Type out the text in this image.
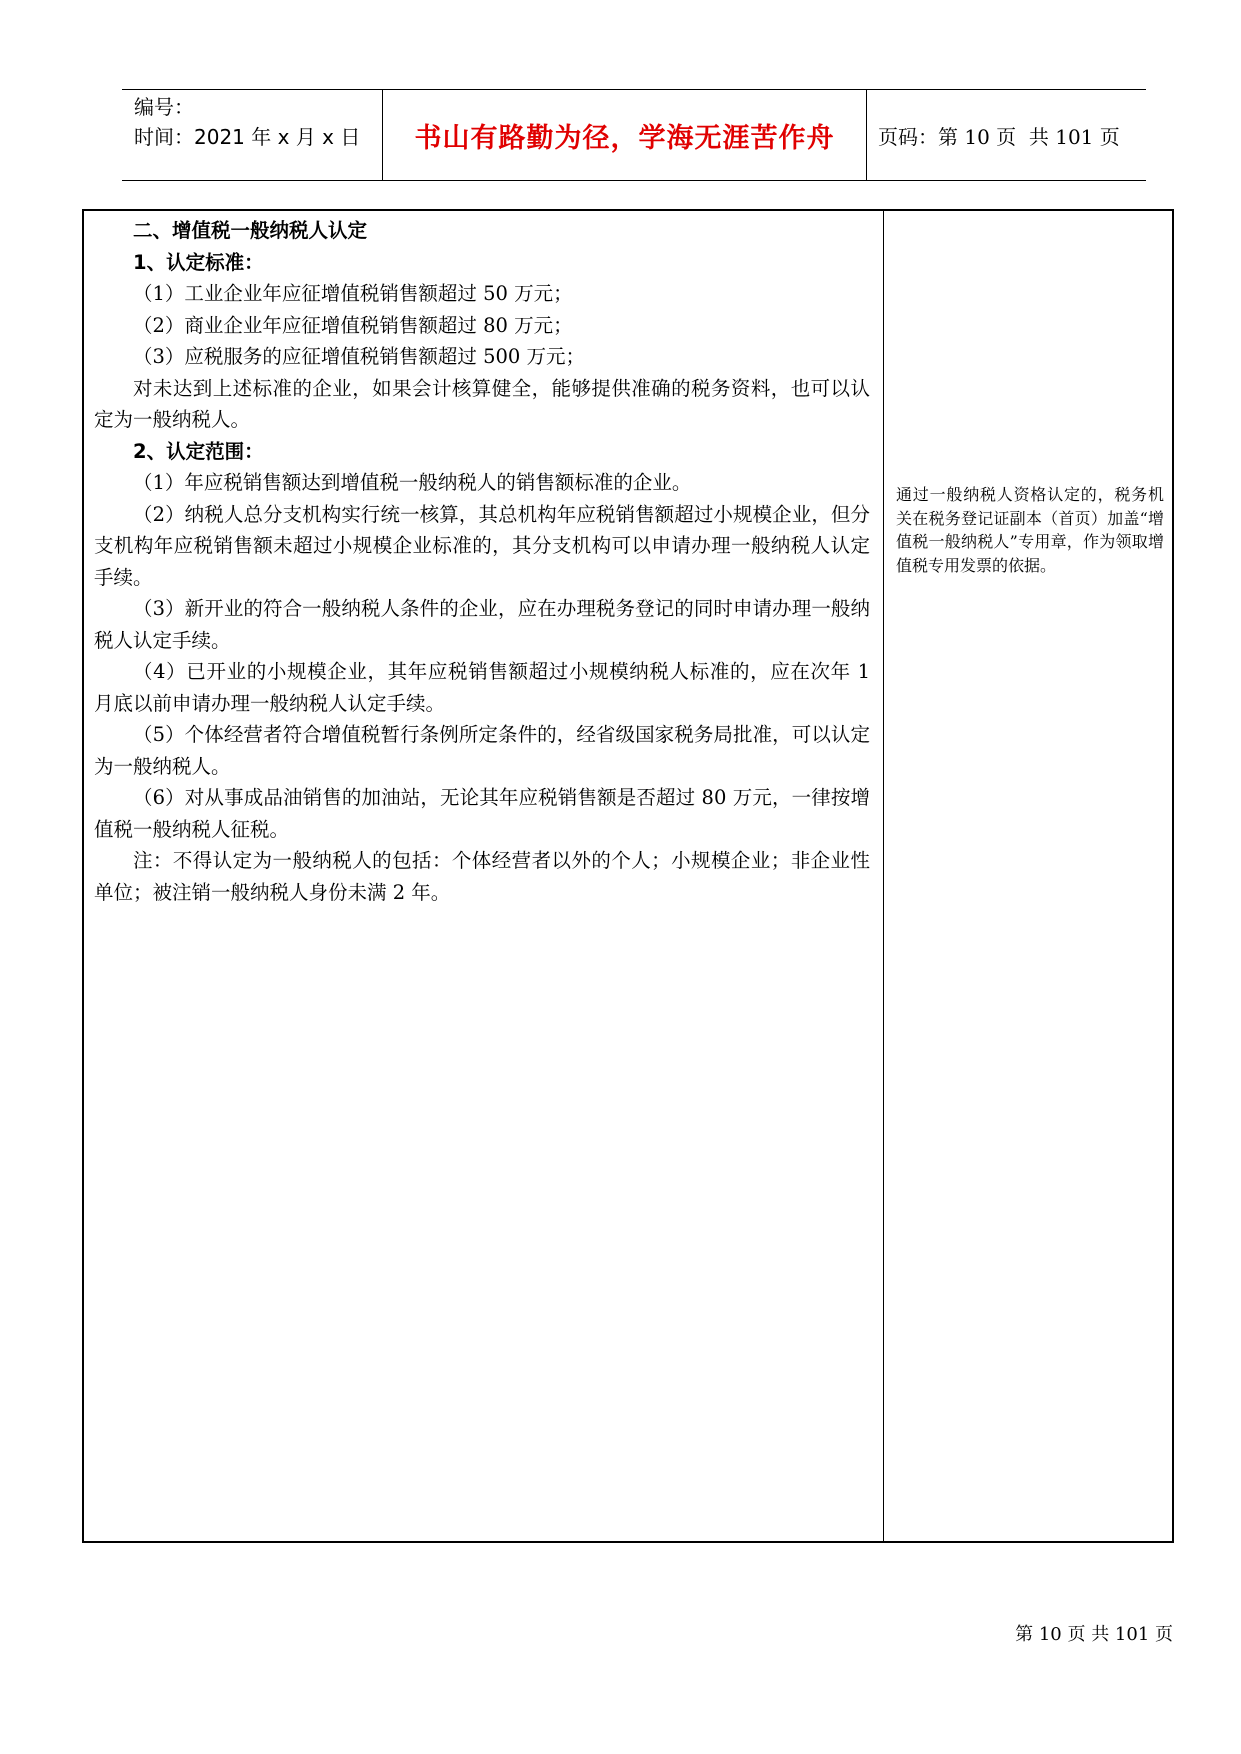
编号：
时间：2021 年 x 月 x 日	书山有路勤为径，学海无涯苦作舟	页码：第 10 页  共 101 页

二、增值税一般纳税人认定

1、认定标准：

（1）工业企业年应征增值税销售额超过 50 万元；

（2）商业企业年应征增值税销售额超过 80 万元；

（3）应税服务的应征增值税销售额超过 500 万元；

对未达到上述标准的企业，如果会计核算健全，能够提供准确的税务资料，也可以认定为一般纳税人。

2、认定范围：

（1）年应税销售额达到增值税一般纳税人的销售额标准的企业。

（2）纳税人总分支机构实行统一核算，其总机构年应税销售额超过小规模企业，但分支机构年应税销售额未超过小规模企业标准的，其分支机构可以申请办理一般纳税人认定手续。

（3）新开业的符合一般纳税人条件的企业，应在办理税务登记的同时申请办理一般纳税人认定手续。

（4）已开业的小规模企业，其年应税销售额超过小规模纳税人标准的，应在次年 1 月底以前申请办理一般纳税人认定手续。

（5）个体经营者符合增值税暂行条例所定条件的，经省级国家税务局批准，可以认定为一般纳税人。

（6）对从事成品油销售的加油站，无论其年应税销售额是否超过 80 万元，一律按增值税一般纳税人征税。

注：不得认定为一般纳税人的包括：个体经营者以外的个人；小规模企业；非企业性单位；被注销一般纳税人身份未满 2 年。

通过一般纳税人资格认定的，税务机关在税务登记证副本（首页）加盖“增值税一般纳税人”专用章，作为领取增值税专用发票的依据。
第 10 页 共 101 页
